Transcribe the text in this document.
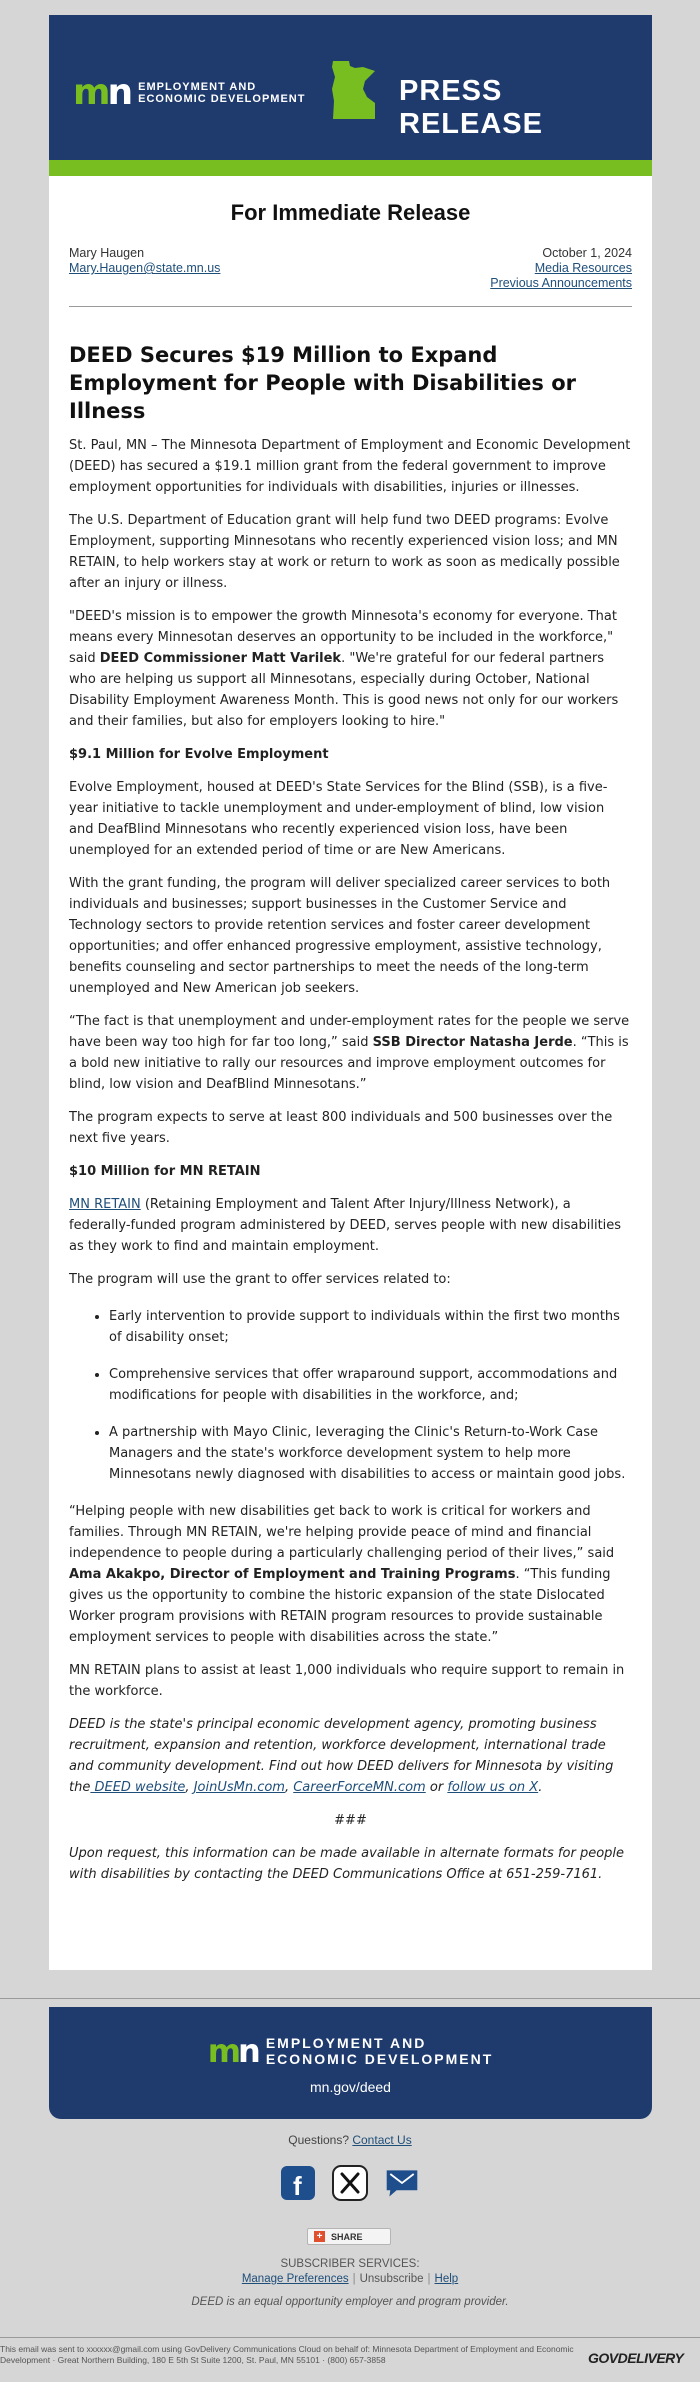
mn EMPLOYMENT AND
ECONOMIC DEVELOPMENT	PRESS RELEASE
For Immediate Release
Mary Haugen
Mary.Haugen@state.mn.us
October 1, 2024
Media Resources
Previous Announcements
DEED Secures $19 Million to Expand Employment for People with Disabilities or Illness

St. Paul, MN – The Minnesota Department of Employment and Economic Development (DEED) has secured a $19.1 million grant from the federal government to improve employment opportunities for individuals with disabilities, injuries or illnesses.

The U.S. Department of Education grant will help fund two DEED programs: Evolve Employment, supporting Minnesotans who recently experienced vision loss; and MN RETAIN, to help workers stay at work or return to work as soon as medically possible after an injury or illness.

"DEED's mission is to empower the growth Minnesota's economy for everyone. That means every Minnesotan deserves an opportunity to be included in the workforce," said DEED Commissioner Matt Varilek. "We're grateful for our federal partners who are helping us support all Minnesotans, especially during October, National Disability Employment Awareness Month. This is good news not only for our workers and their families, but also for employers looking to hire."

$9.1 Million for Evolve Employment

Evolve Employment, housed at DEED's State Services for the Blind (SSB), is a five-year initiative to tackle unemployment and under-employment of blind, low vision and DeafBlind Minnesotans who recently experienced vision loss, have been unemployed for an extended period of time or are New Americans.

With the grant funding, the program will deliver specialized career services to both individuals and businesses; support businesses in the Customer Service and Technology sectors to provide retention services and foster career development opportunities; and offer enhanced progressive employment, assistive technology, benefits counseling and sector partnerships to meet the needs of the long-term unemployed and New American job seekers.

“The fact is that unemployment and under-employment rates for the people we serve have been way too high for far too long,” said SSB Director Natasha Jerde. “This is a bold new initiative to rally our resources and improve employment outcomes for blind, low vision and DeafBlind Minnesotans.”

The program expects to serve at least 800 individuals and 500 businesses over the next five years.

$10 Million for MN RETAIN

MN RETAIN (Retaining Employment and Talent After Injury/Illness Network), a federally-funded program administered by DEED, serves people with new disabilities as they work to find and maintain employment.

The program will use the grant to offer services related to:

• Early intervention to provide support to individuals within the first two months of disability onset;
• Comprehensive services that offer wraparound support, accommodations and modifications for people with disabilities in the workforce, and;
• A partnership with Mayo Clinic, leveraging the Clinic's Return-to-Work Case Managers and the state's workforce development system to help more Minnesotans newly diagnosed with disabilities to access or maintain good jobs.

“Helping people with new disabilities get back to work is critical for workers and families. Through MN RETAIN, we're helping provide peace of mind and financial independence to people during a particularly challenging period of their lives,” said Ama Akakpo, Director of Employment and Training Programs. “This funding gives us the opportunity to combine the historic expansion of the state Dislocated Worker program provisions with RETAIN program resources to provide sustainable employment services to people with disabilities across the state.”

MN RETAIN plans to assist at least 1,000 individuals who require support to remain in the workforce.

DEED is the state's principal economic development agency, promoting business recruitment, expansion and retention, workforce development, international trade and community development. Find out how DEED delivers for Minnesota by visiting the DEED website, JoinUsMn.com, CareerForceMN.com or follow us on X.

###

Upon request, this information can be made available in alternate formats for people with disabilities by contacting the DEED Communications Office at 651-259-7161.

mn EMPLOYMENT AND
ECONOMIC DEVELOPMENT
mn.gov/deed
Questions? Contact Us
f
+ SHARE
SUBSCRIBER SERVICES:
Manage Preferences | Unsubscribe | Help
DEED is an equal opportunity employer and program provider.
This email was sent to xxxxxx@gmail.com using GovDelivery Communications Cloud on behalf of: Minnesota Department of Employment and Economic Development · Great Northern Building, 180 E 5th St Suite 1200, St. Paul, MN 55101 · (800) 657-3858	GOVDELIVERY
